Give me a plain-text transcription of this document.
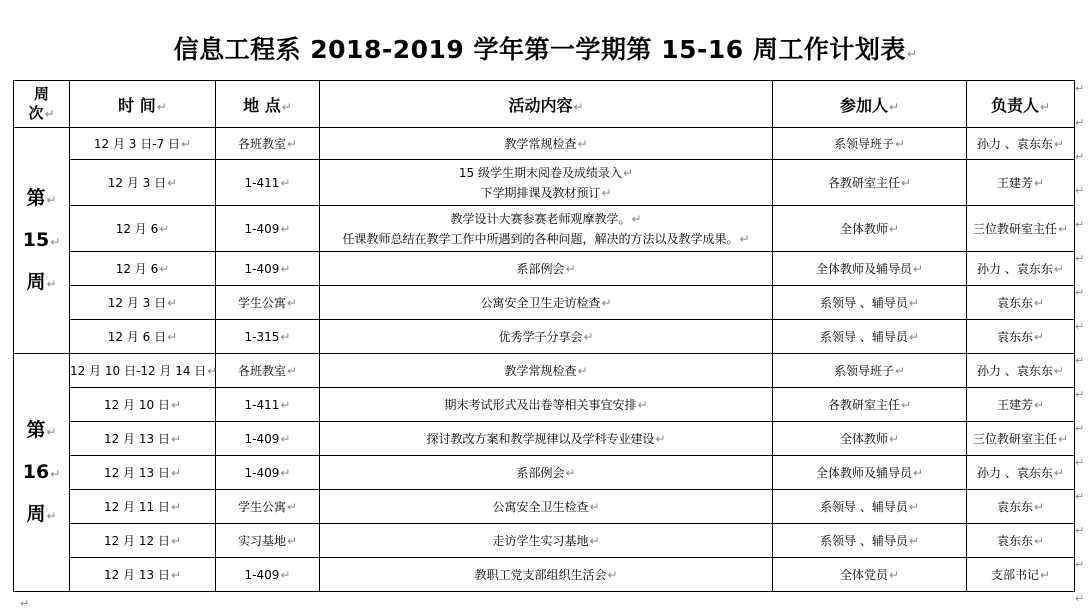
信息工程系 2018-2019 学年第一学期第 15-16 周工作计划表↵
↵
↵
↵
↵
↵
↵
↵
↵
↵
↵
↵
↵
↵
↵
↵
↵
周
次↵	时 间↵	地 点↵	活动内容↵	参加人↵	负责人↵

第↵
15↵
周↵	12 月 3 日-7 日↵	各班教室↵	教学常规检查↵	系领导班子↵	孙力 、袁东东↵
	12 月 3 日↵	1-411↵	15 级学生期末阅卷及成绩录入↵
下学期排课及教材预订↵	各教研室主任↵	王建芳↵
	12 月 6↵	1-409↵	教学设计大赛参赛老师观摩教学。↵
任课教师总结在教学工作中所遇到的各种问题，解决的方法以及教学成果。↵	全体教师↵	三位教研室主任↵
	12 月 6↵	1-409↵	系部例会↵	全体教师及辅导员↵	孙力 、袁东东↵
	12 月 3 日↵	学生公寓↵	公寓安全卫生走访检查↵	系领导 、辅导员↵	袁东东↵
	12 月 6 日↵	1-315↵	优秀学子分享会↵	系领导 、辅导员↵	袁东东↵

第↵
16↵
周↵	12 月 10 日-12 月 14 日↵	各班教室↵	教学常规检查↵	系领导班子↵	孙力 、袁东东↵
	12 月 10 日↵	1-411↵	期末考试形式及出卷等相关事宜安排↵	各教研室主任↵	王建芳↵
	12 月 13 日↵	1-409↵	探讨教改方案和教学规律以及学科专业建设↵	全体教师↵	三位教研室主任↵
	12 月 13 日↵	1-409↵	系部例会↵	全体教师及辅导员↵	孙力 、袁东东↵
	12 月 11 日↵	学生公寓↵	公寓安全卫生检查↵	系领导 、辅导员↵	袁东东↵
	12 月 12 日↵	实习基地↵	走访学生实习基地↵	系领导 、辅导员↵	袁东东↵
	12 月 13 日↵	1-409↵	教职工党支部组织生活会↵	全体党员↵	支部书记↵
↵
